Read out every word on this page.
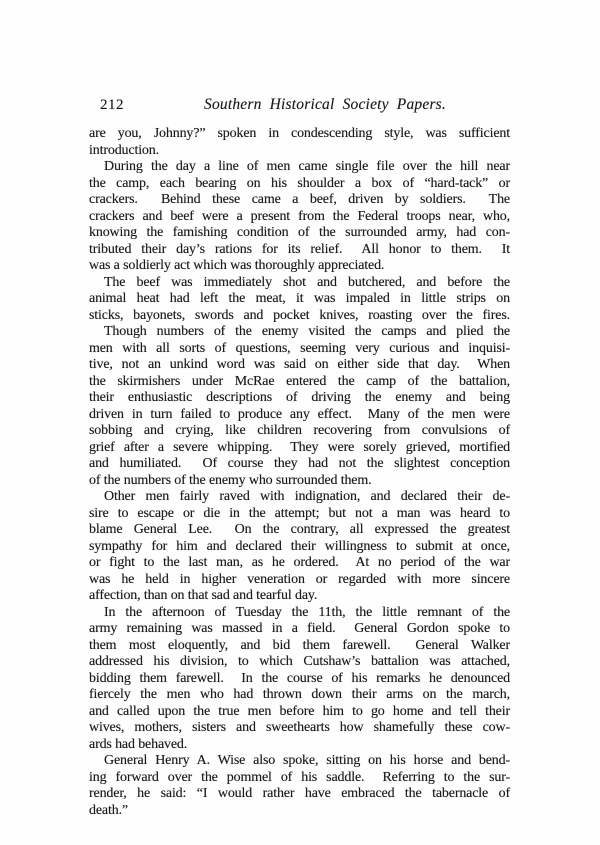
212	Southern Historical Society Papers.
are you, Johnny?” spoken in condescending style, was sufficient
introduction.
During the day a line of men came single file over the hill near
the camp, each bearing on his shoulder a box of “hard-tack” or
crackers.  Behind these came a beef, driven by soldiers.  The
crackers and beef were a present from the Federal troops near, who,
knowing the famishing condition of the surrounded army, had con-
tributed their day’s rations for its relief.  All honor to them.  It
was a soldierly act which was thoroughly appreciated.
The beef was immediately shot and butchered, and before the
animal heat had left the meat, it was impaled in little strips on
sticks, bayonets, swords and pocket knives, roasting over the fires.
Though numbers of the enemy visited the camps and plied the
men with all sorts of questions, seeming very curious and inquisi-
tive, not an unkind word was said on either side that day.  When
the skirmishers under McRae entered the camp of the battalion,
their enthusiastic descriptions of driving the enemy and being
driven in turn failed to produce any effect.  Many of the men were
sobbing and crying, like children recovering from convulsions of
grief after a severe whipping.  They were sorely grieved, mortified
and humiliated.  Of course they had not the slightest conception
of the numbers of the enemy who surrounded them.
Other men fairly raved with indignation, and declared their de-
sire to escape or die in the attempt; but not a man was heard to
blame General Lee.  On the contrary, all expressed the greatest
sympathy for him and declared their willingness to submit at once,
or fight to the last man, as he ordered.  At no period of the war
was he held in higher veneration or regarded with more sincere
affection, than on that sad and tearful day.
In the afternoon of Tuesday the 11th, the little remnant of the
army remaining was massed in a field.  General Gordon spoke to
them most eloquently, and bid them farewell.  General Walker
addressed his division, to which Cutshaw’s battalion was attached,
bidding them farewell.  In the course of his remarks he denounced
fiercely the men who had thrown down their arms on the march,
and called upon the true men before him to go home and tell their
wives, mothers, sisters and sweethearts how shamefully these cow-
ards had behaved.
General Henry A. Wise also spoke, sitting on his horse and bend-
ing forward over the pommel of his saddle.  Referring to the sur-
render, he said: “I would rather have embraced the tabernacle of
death.”
